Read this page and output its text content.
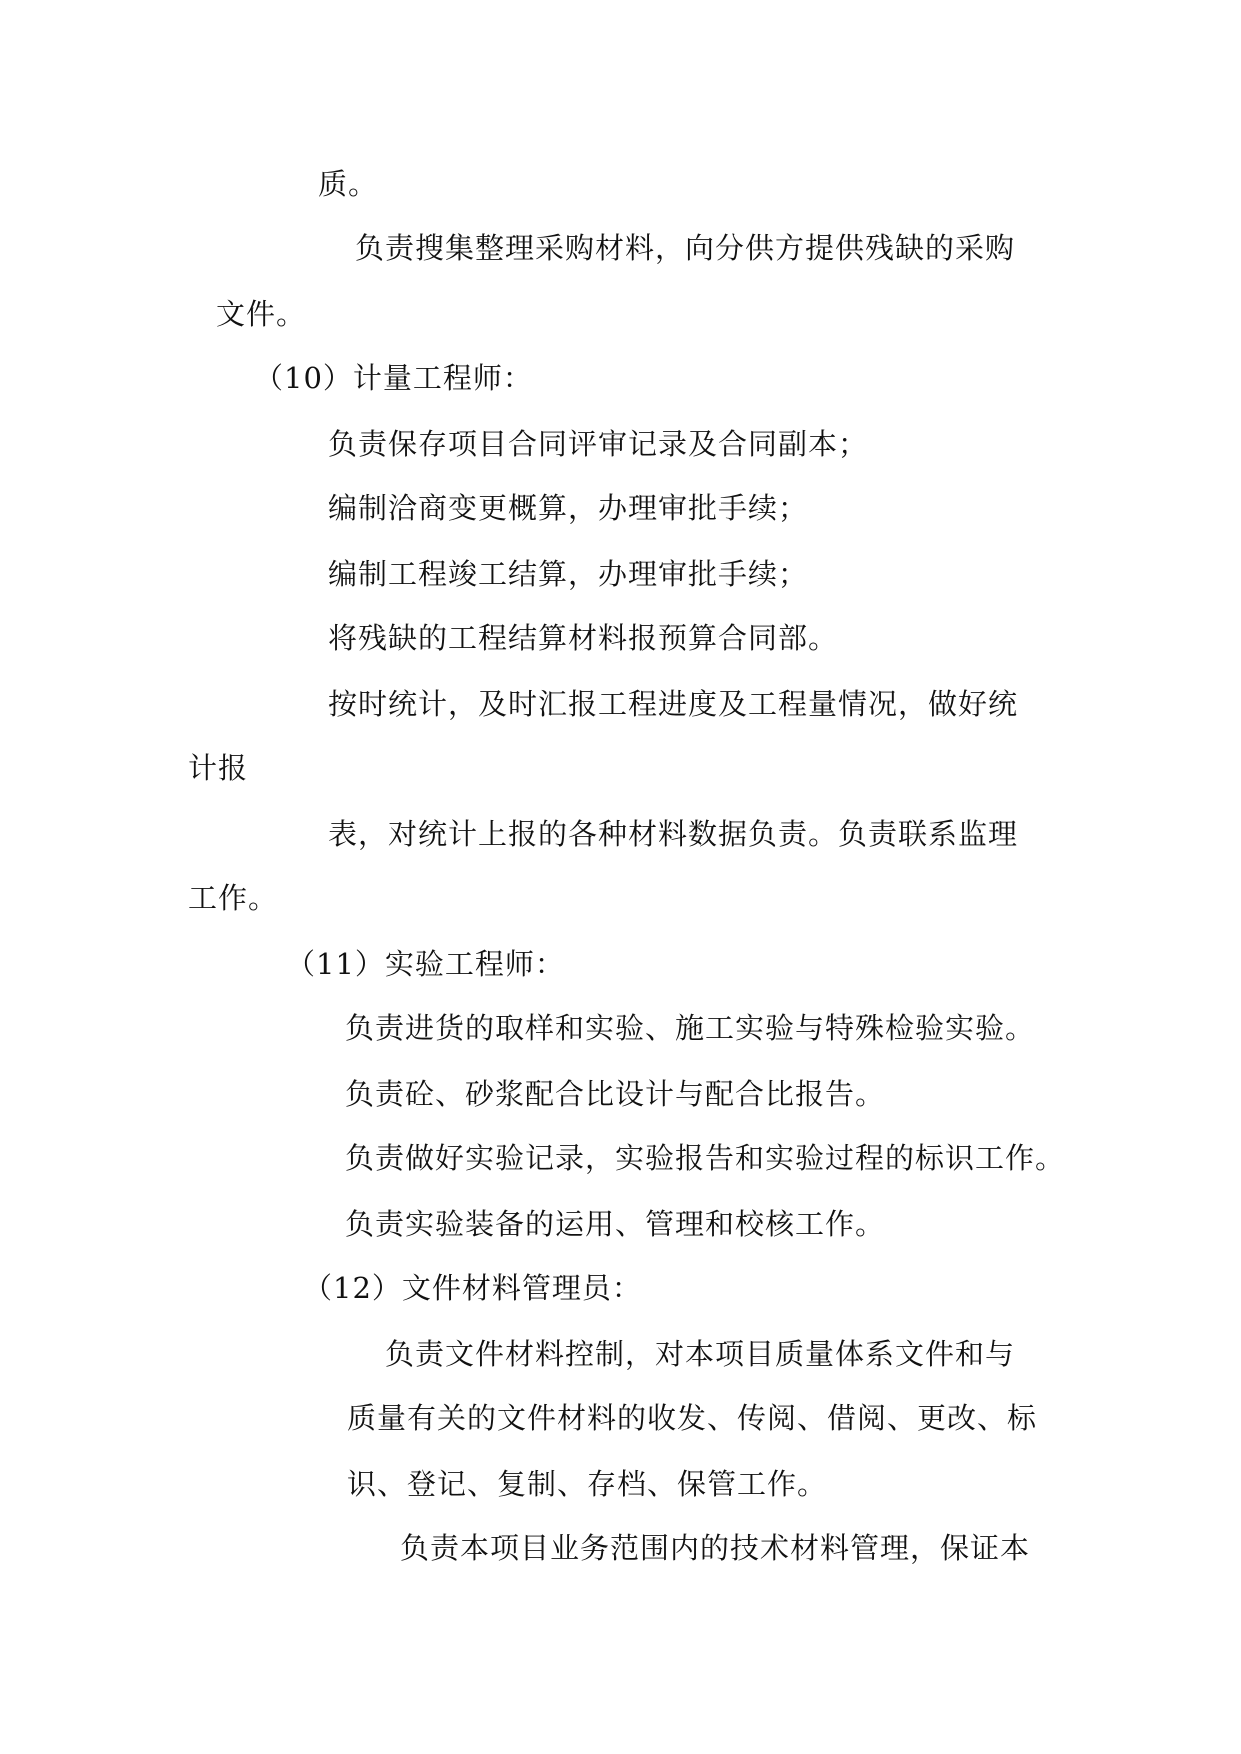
质。
负责搜集整理采购材料，向分供方提供残缺的采购
文件。
（10）计量工程师：
负责保存项目合同评审记录及合同副本；
编制洽商变更概算，办理审批手续；
编制工程竣工结算，办理审批手续；
将残缺的工程结算材料报预算合同部。
按时统计，及时汇报工程进度及工程量情况，做好统
计报
表，对统计上报的各种材料数据负责。负责联系监理
工作。
（11）实验工程师：
负责进货的取样和实验、施工实验与特殊检验实验。
负责砼、砂浆配合比设计与配合比报告。
负责做好实验记录，实验报告和实验过程的标识工作。
负责实验装备的运用、管理和校核工作。
（12）文件材料管理员：
负责文件材料控制，对本项目质量体系文件和与
质量有关的文件材料的收发、传阅、借阅、更改、标
识、登记、复制、存档、保管工作。
负责本项目业务范围内的技术材料管理，保证本
